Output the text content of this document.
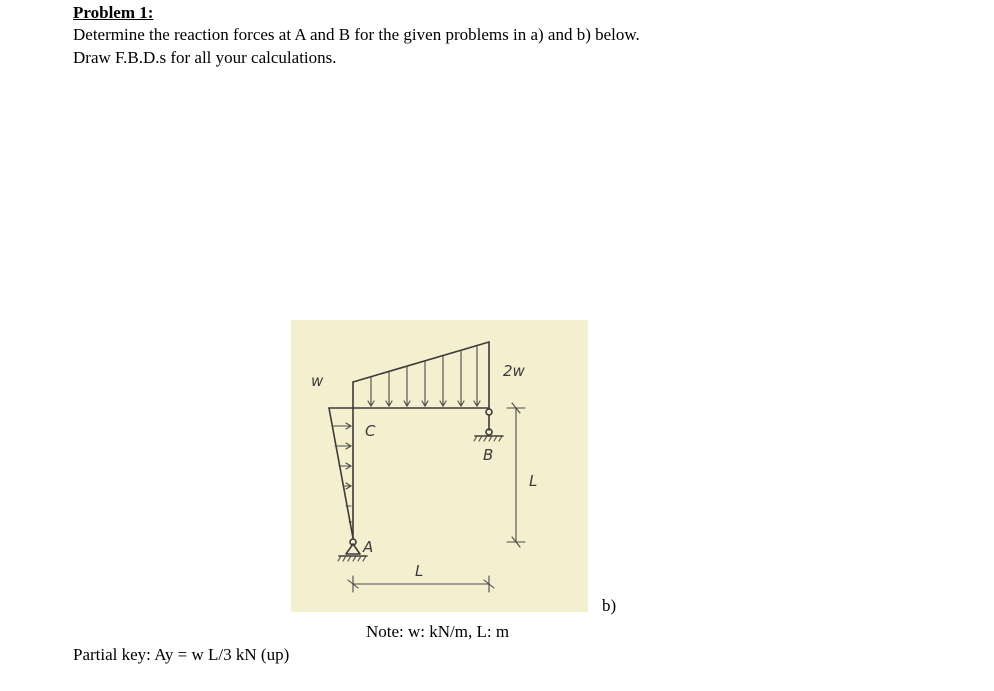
Problem 1:

Determine the reaction forces at A and B for the given problems in a) and b) below.

Draw F.B.D.s for all your calculations.

w
2w
C
A
B
L
L

b)

Note: w: kN/m, L: m

Partial key: Ay = w L/3 kN (up)
